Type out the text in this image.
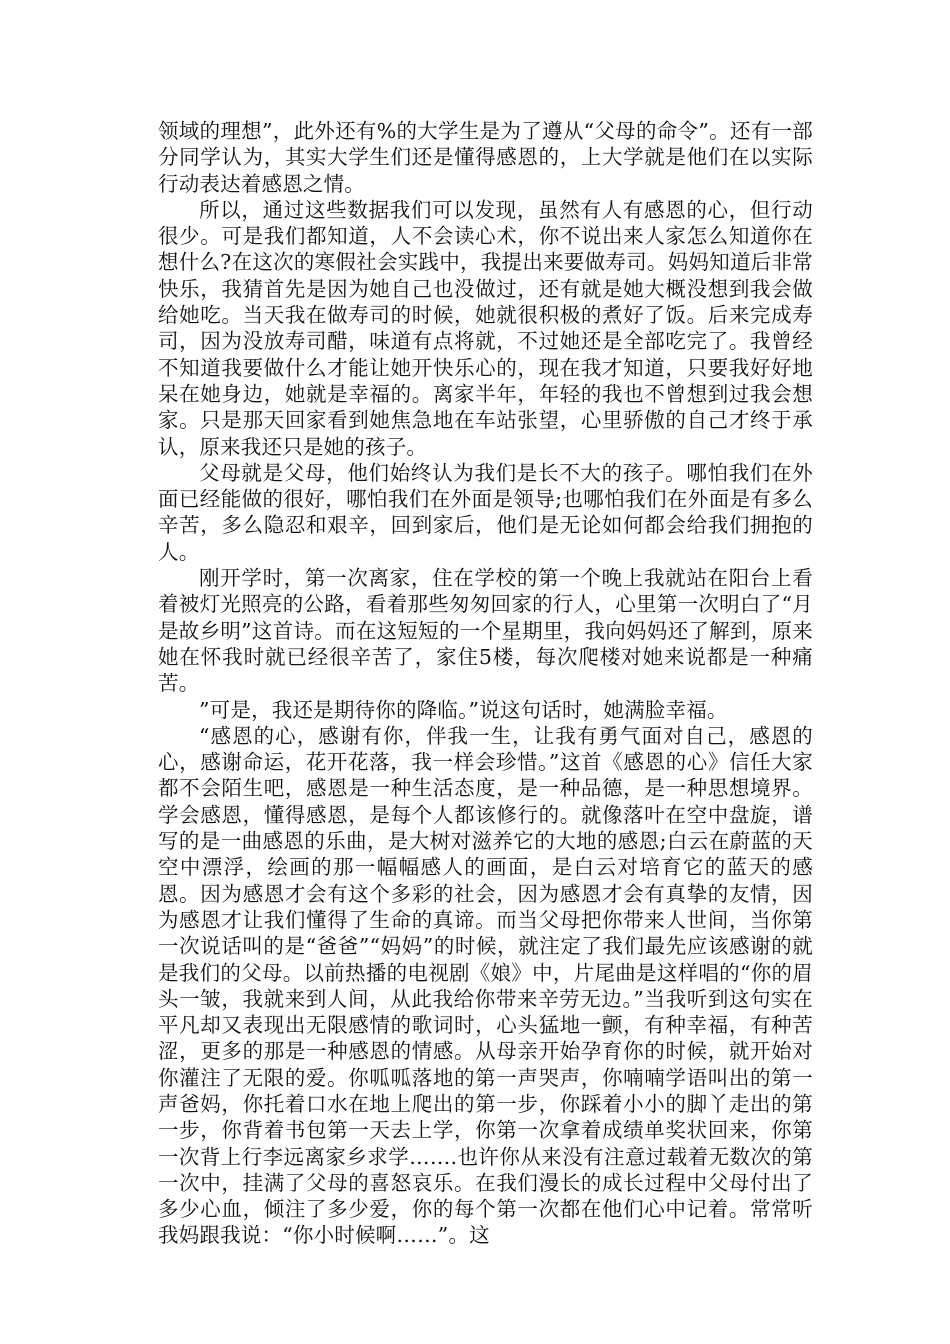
领域的理想”，此外还有%的大学生是为了遵从“父母的命令”。还有一部分同学认为，其实大学生们还是懂得感恩的，上大学就是他们在以实际行动表达着感恩之情。

所以，通过这些数据我们可以发现，虽然有人有感恩的心，但行动很少。可是我们都知道，人不会读心术，你不说出来人家怎么知道你在想什么?在这次的寒假社会实践中，我提出来要做寿司。妈妈知道后非常快乐，我猜首先是因为她自己也没做过，还有就是她大概没想到我会做给她吃。当天我在做寿司的时候，她就很积极的煮好了饭。后来完成寿司，因为没放寿司醋，味道有点将就，不过她还是全部吃完了。我曾经不知道我要做什么才能让她开快乐心的，现在我才知道，只要我好好地呆在她身边，她就是幸福的。离家半年，年轻的我也不曾想到过我会想家。只是那天回家看到她焦急地在车站张望，心里骄傲的自己才终于承认，原来我还只是她的孩子。

父母就是父母，他们始终认为我们是长不大的孩子。哪怕我们在外面已经能做的很好，哪怕我们在外面是领导;也哪怕我们在外面是有多么辛苦，多么隐忍和艰辛，回到家后，他们是无论如何都会给我们拥抱的人。

刚开学时，第一次离家，住在学校的第一个晚上我就站在阳台上看着被灯光照亮的公路，看着那些匆匆回家的行人，心里第一次明白了“月是故乡明”这首诗。而在这短短的一个星期里，我向妈妈还了解到，原来她在怀我时就已经很辛苦了，家住5楼，每次爬楼对她来说都是一种痛苦。

”可是，我还是期待你的降临。”说这句话时，她满脸幸福。

“感恩的心，感谢有你，伴我一生，让我有勇气面对自己，感恩的心，感谢命运，花开花落，我一样会珍惜。”这首《感恩的心》信任大家都不会陌生吧，感恩是一种生活态度，是一种品德，是一种思想境界。学会感恩，懂得感恩，是每个人都该修行的。就像落叶在空中盘旋，谱写的是一曲感恩的乐曲，是大树对滋养它的大地的感恩;白云在蔚蓝的天空中漂浮，绘画的那一幅幅感人的画面，是白云对培育它的蓝天的感恩。因为感恩才会有这个多彩的社会，因为感恩才会有真挚的友情，因为感恩才让我们懂得了生命的真谛。而当父母把你带来人世间，当你第一次说话叫的是“爸爸”“妈妈”的时候，就注定了我们最先应该感谢的就是我们的父母。以前热播的电视剧《娘》中，片尾曲是这样唱的“你的眉头一皱，我就来到人间，从此我给你带来辛劳无边。”当我听到这句实在平凡却又表现出无限感情的歌词时，心头猛地一颤，有种幸福，有种苦涩，更多的那是一种感恩的情感。从母亲开始孕育你的时候，就开始对你灌注了无限的爱。你呱呱落地的第一声哭声，你喃喃学语叫出的第一声爸妈，你托着口水在地上爬出的第一步，你踩着小小的脚丫走出的第一步，你背着书包第一天去上学，你第一次拿着成绩单奖状回来，你第一次背上行李远离家乡求学…….也许你从来没有注意过载着无数次的第一次中，挂满了父母的喜怒哀乐。在我们漫长的成长过程中父母付出了多少心血，倾注了多少爱，你的每个第一次都在他们心中记着。常常听我妈跟我说：“你小时候啊……”。这
